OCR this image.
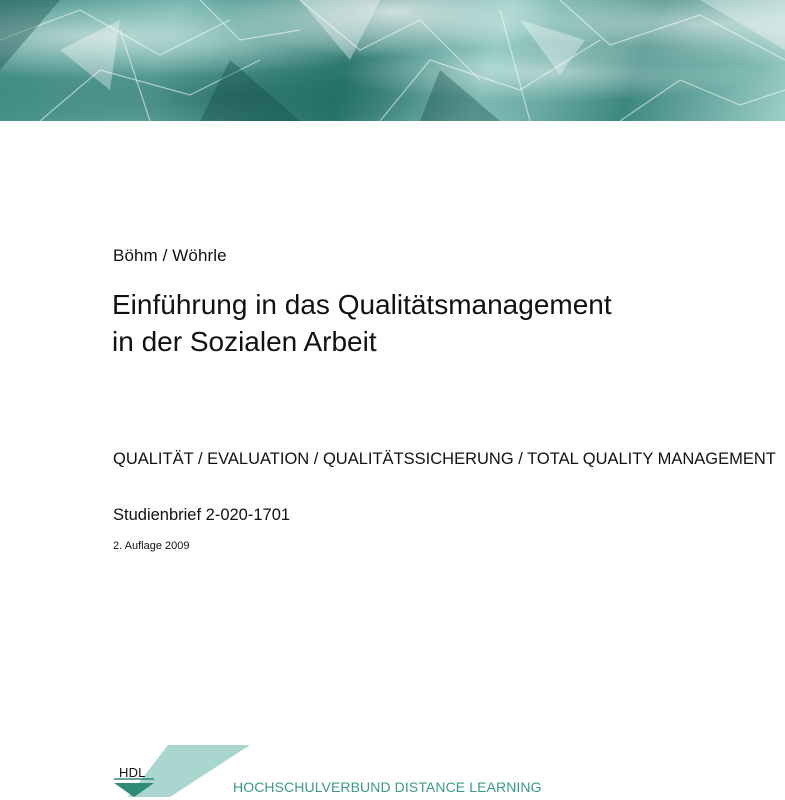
Böhm / Wöhrle
Einführung in das Qualitätsmanagement
in der Sozialen Arbeit
QUALITÄT / EVALUATION / QUALITÄTSSICHERUNG / TOTAL QUALITY MANAGEMENT
Studienbrief 2-020-1701
2. Auflage 2009
HDL
HOCHSCHULVERBUND DISTANCE LEARNING
